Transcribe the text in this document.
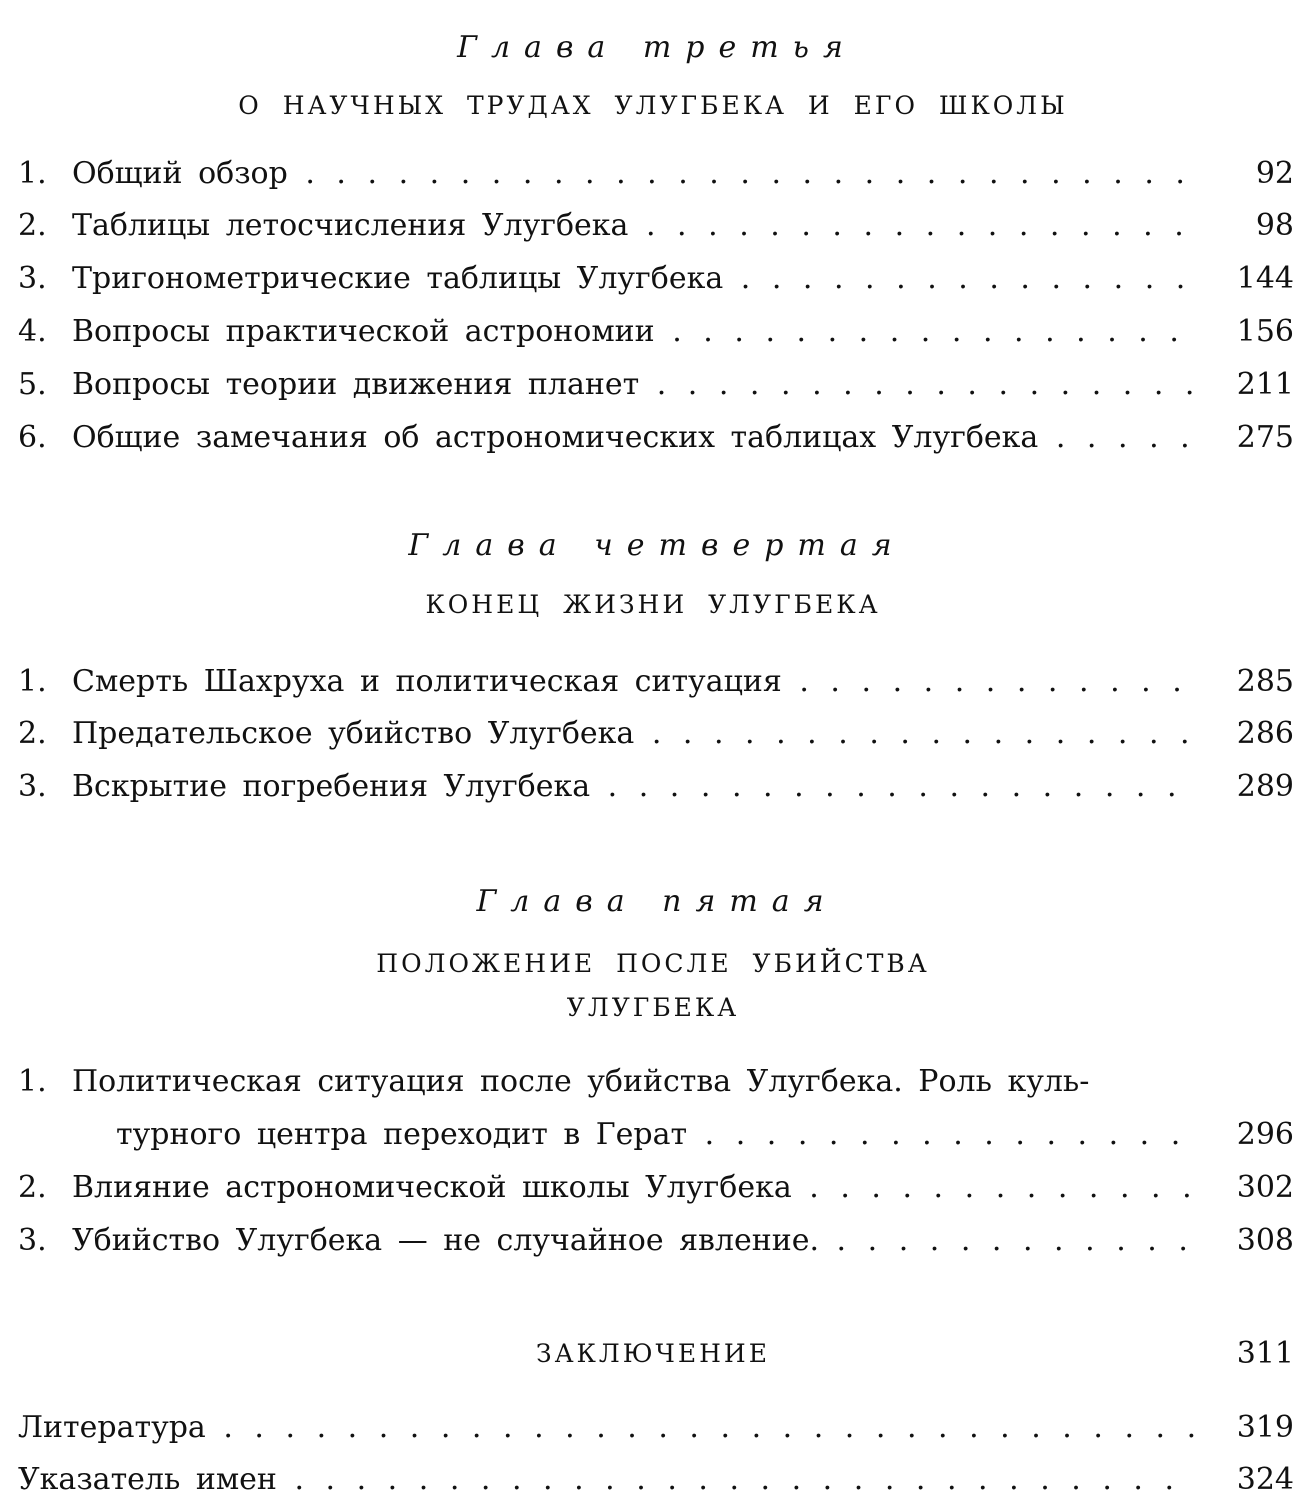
Глава третья
О НАУЧНЫХ ТРУДАХ УЛУГБЕКА И ЕГО ШКОЛЫ
1. Общий обзор . . .	92
2. Таблицы летосчисления Улугбека . . .	98
3. Тригонометрические таблицы Улугбека . . .	144
4. Вопросы практической астрономии . . .	156
5. Вопросы теории движения планет . . .	211
6. Общие замечания об астрономических таблицах Улугбека . . .	275
Глава четвертая
КОНЕЦ ЖИЗНИ УЛУГБЕКА
1. Смерть Шахруха и политическая ситуация . . .	285
2. Предательское убийство Улугбека . . .	286
3. Вскрытие погребения Улугбека . . .	289
Глава пятая
ПОЛОЖЕНИЕ ПОСЛЕ УБИЙСТВА
УЛУГБЕКА
1. Политическая ситуация после убийства Улугбека. Роль куль-
турного центра переходит в Герат . . .	296
2. Влияние астрономической школы Улугбека . . .	302
3. Убийство Улугбека — не случайное явление. . . .	308
ЗАКЛЮЧЕНИЕ	311
Литература . . .	319
Указатель имен . . .	324
